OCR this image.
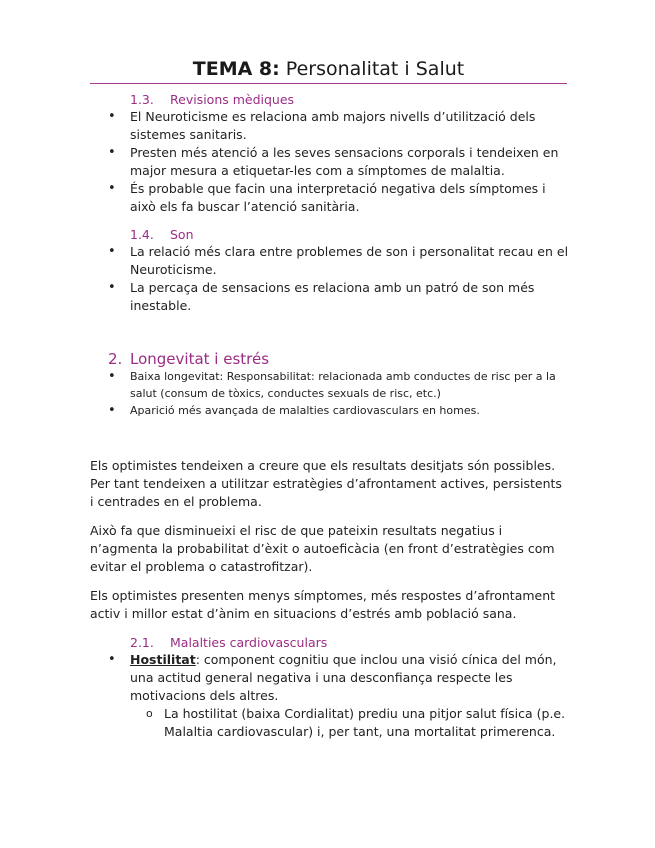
TEMA 8: Personalitat i Salut
1.3. Revisions mèdiques
• El Neuroticisme es relaciona amb majors nivells d’utilització dels sistemes sanitaris.
• Presten més atenció a les seves sensacions corporals i tendeixen en major mesura a etiquetar-les com a símptomes de malaltia.
• És probable que facin una interpretació negativa dels símptomes i això els fa buscar l’atenció sanitària.
1.4. Son
• La relació més clara entre problemes de son i personalitat recau en el Neuroticisme.
• La percaça de sensacions es relaciona amb un patró de son més inestable.
2. Longevitat i estrés
• Baixa longevitat: Responsabilitat: relacionada amb conductes de risc per a la salut (consum de tòxics, conductes sexuals de risc, etc.)
• Aparició més avançada de malalties cardiovasculars en homes.

Els optimistes tendeixen a creure que els resultats desitjats són possibles. Per tant tendeixen a utilitzar estratègies d’afrontament actives, persistents i centrades en el problema.

Això fa que disminueixi el risc de que pateixin resultats negatius i n’agmenta la probabilitat d’èxit o autoeficàcia (en front d’estratègies com evitar el problema o catastrofitzar).

Els optimistes presenten menys símptomes, més respostes d’afrontament activ i millor estat d’ànim en situacions d’estrés amb població sana.

2.1. Malalties cardiovasculars
• Hostilitat: component cognitiu que inclou una visió cínica del món, una actitud general negativa i una desconfiança respecte les motivacions dels altres.
o La hostilitat (baixa Cordialitat) prediu una pitjor salut física (p.e. Malaltia cardiovascular) i, per tant, una mortalitat primerenca.
